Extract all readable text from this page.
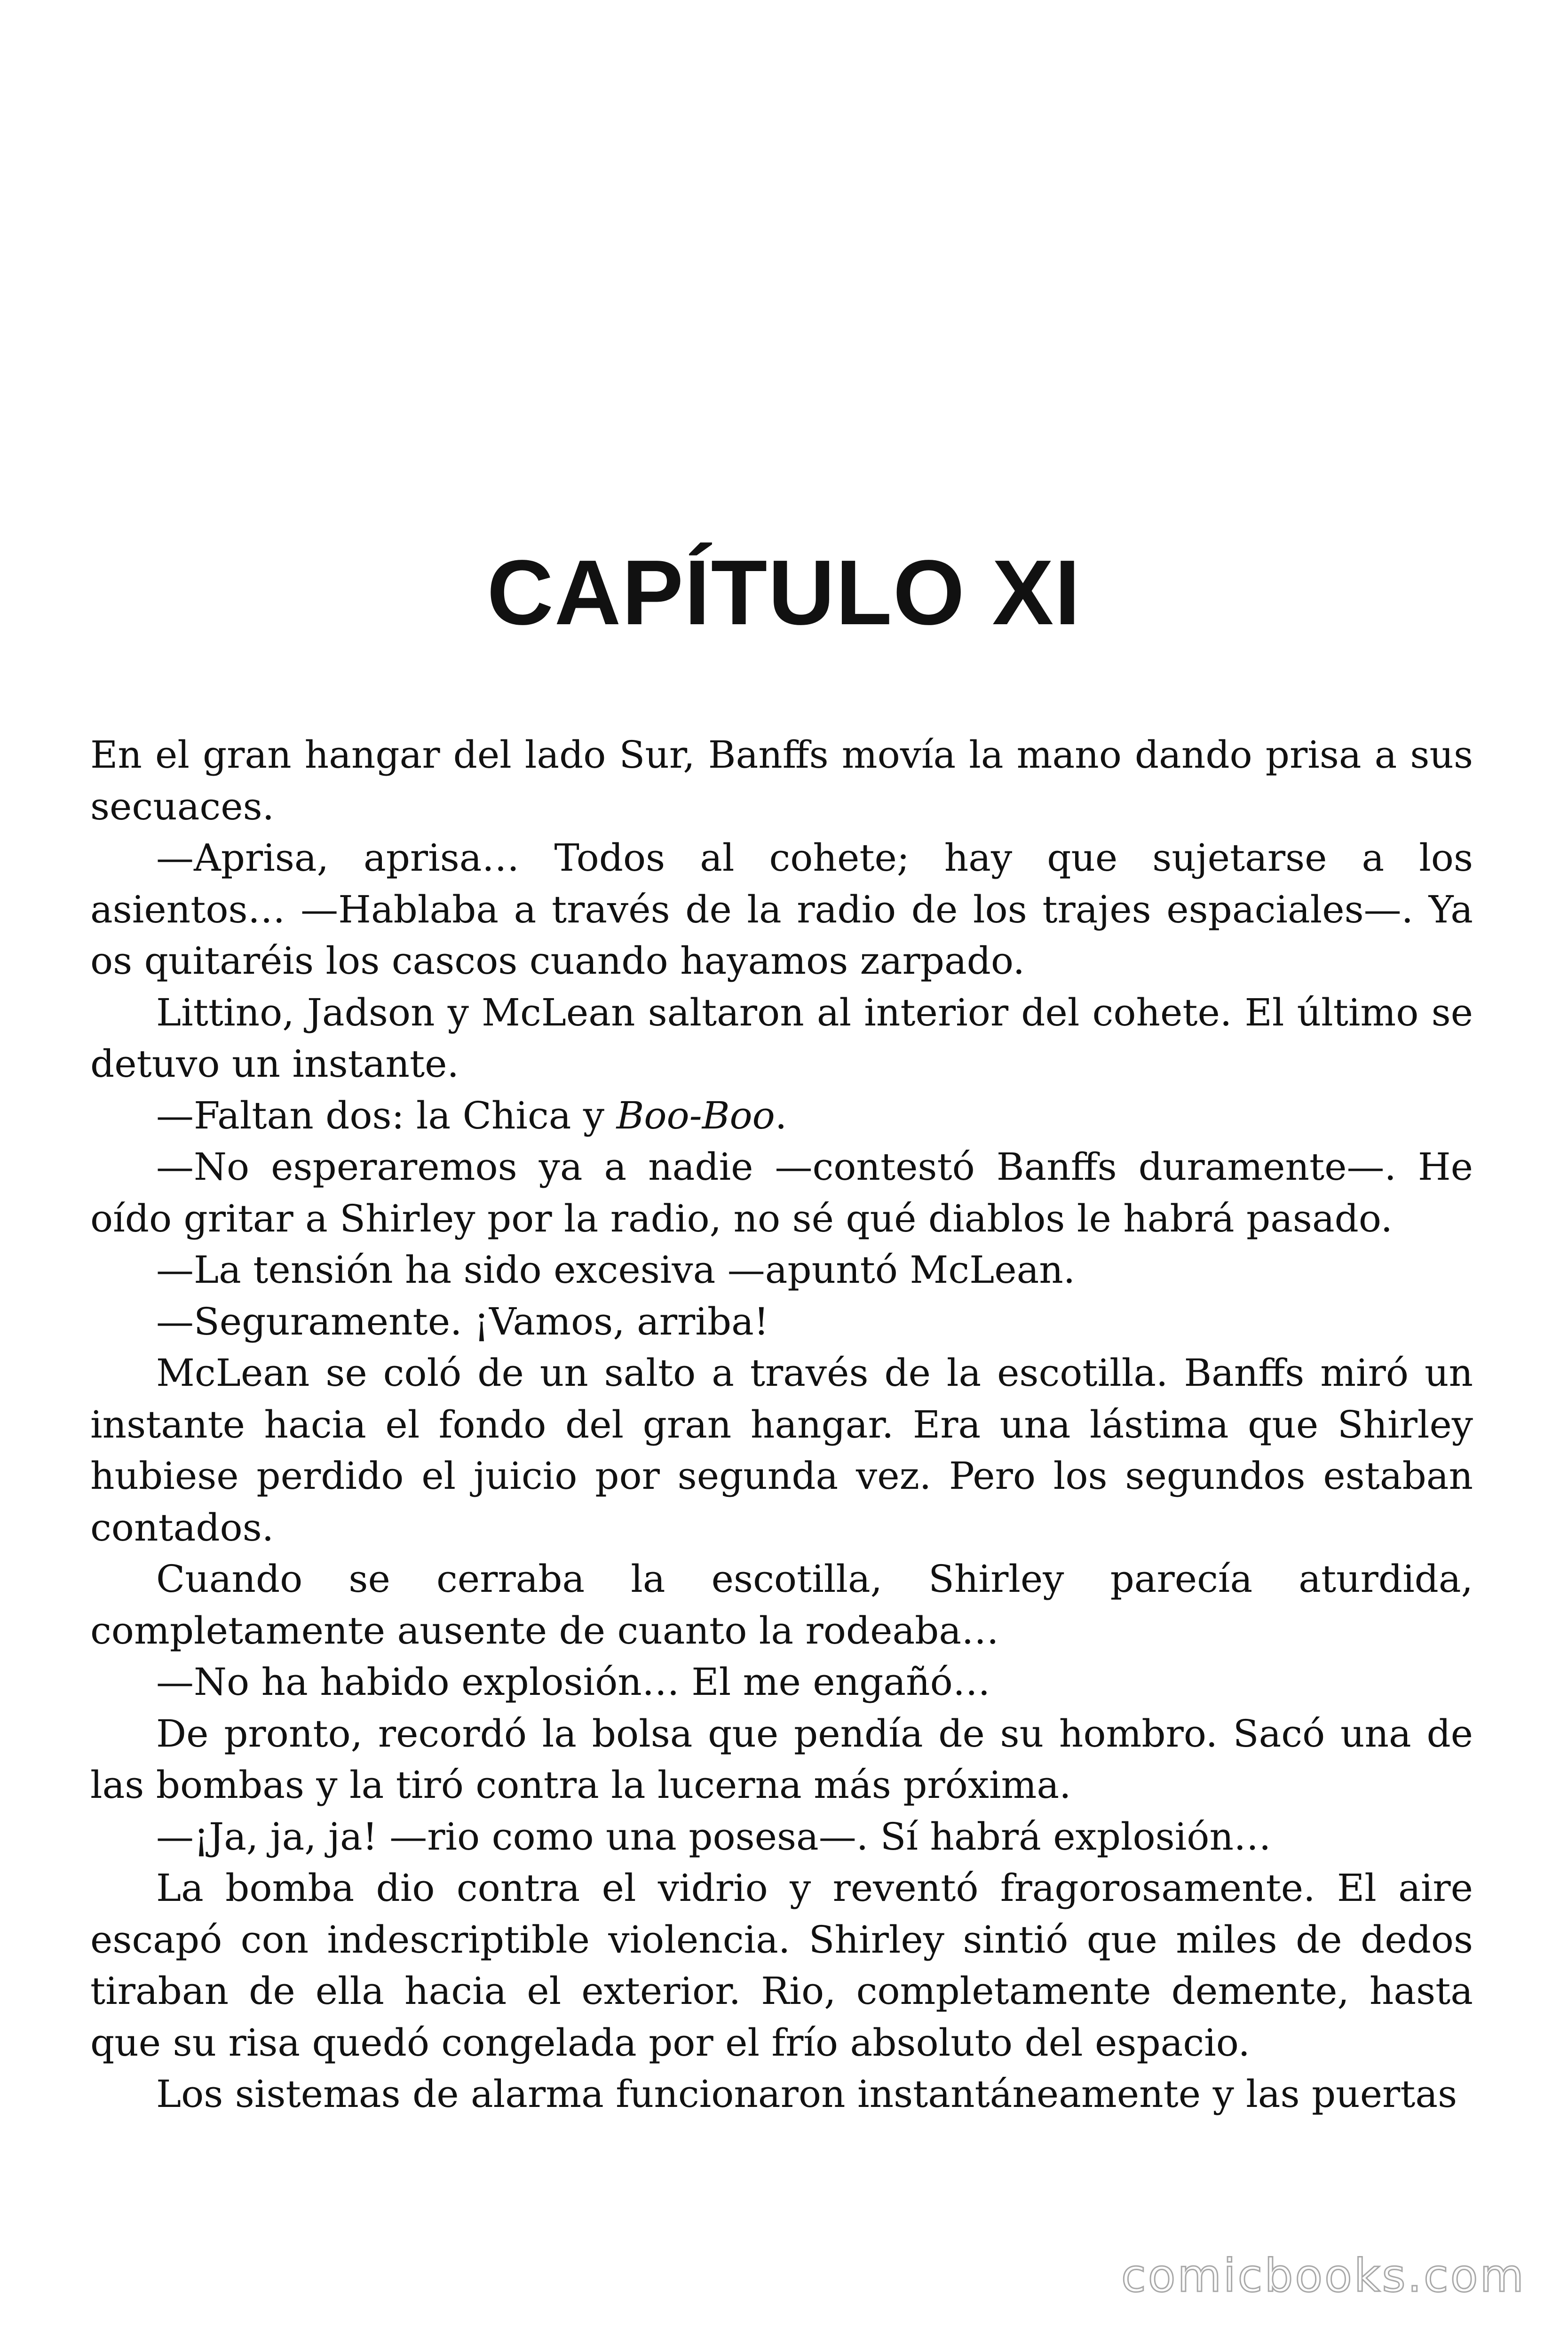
CAPÍTULO XI

En el gran hangar del lado Sur, Banffs movía la mano dando prisa a sus secuaces.

—Aprisa, aprisa… Todos al cohete; hay que sujetarse a los asientos… —Hablaba a través de la radio de los trajes espaciales—. Ya os quitaréis los cascos cuando hayamos zarpado.

Littino, Jadson y McLean saltaron al interior del cohete. El último se detuvo un instante.

—Faltan dos: la Chica y Boo-Boo.

—No esperaremos ya a nadie —contestó Banffs duramente—. He oído gritar a Shirley por la radio, no sé qué diablos le habrá pasado.

—La tensión ha sido excesiva —apuntó McLean.

—Seguramente. ¡Vamos, arriba!

McLean se coló de un salto a través de la escotilla. Banffs miró un instante hacia el fondo del gran hangar. Era una lástima que Shirley hubiese perdido el juicio por segunda vez. Pero los segundos estaban contados.

Cuando se cerraba la escotilla, Shirley parecía aturdida, completamente ausente de cuanto la rodeaba…

—No ha habido explosión… El me engañó…

De pronto, recordó la bolsa que pendía de su hombro. Sacó una de las bombas y la tiró contra la lucerna más próxima.

—¡Ja, ja, ja! —rio como una posesa—. Sí habrá explosión…

La bomba dio contra el vidrio y reventó fragorosamente. El aire escapó con indescriptible violencia. Shirley sintió que miles de dedos tiraban de ella hacia el exterior. Rio, completamente demente, hasta que su risa quedó congelada por el frío absoluto del espacio.

Los sistemas de alarma funcionaron instantáneamente y las puertas

comicbooks.com
